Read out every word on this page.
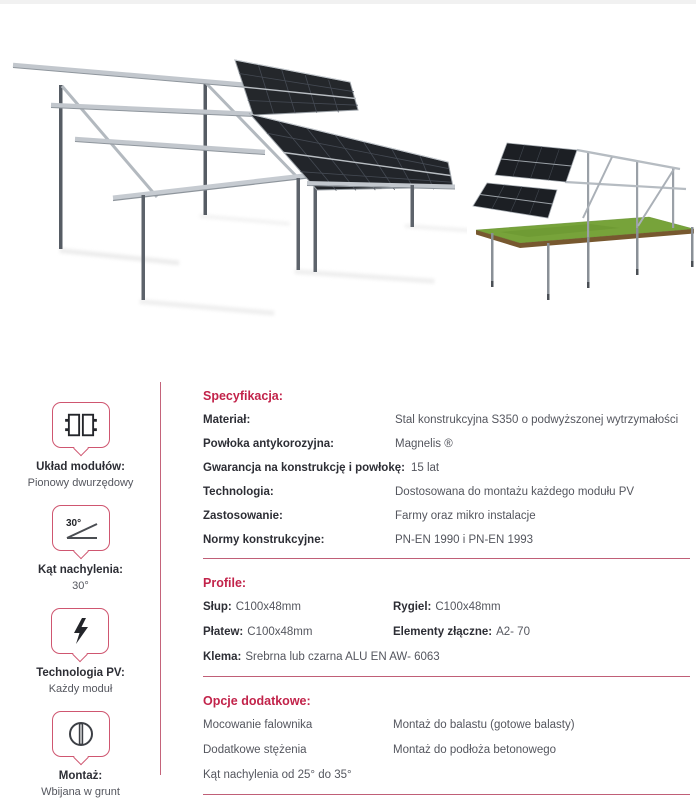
Układ modułów:
Pionowy dwurzędowy
30°
Kąt nachylenia:
30°
Technologia PV:
Każdy moduł
Montaż:
Wbijana w grunt
Specyfikacja:
Materiał:	Stal konstrukcyjna S350 o podwyższonej wytrzymałości
Powłoka antykorozyjna:	Magnelis ®
Gwarancja na konstrukcję i powłokę: 15 lat
Technologia:	Dostosowana do montażu każdego modułu PV
Zastosowanie:	Farmy oraz mikro instalacje
Normy konstrukcyjne:	PN-EN 1990 i PN-EN 1993
Profile:
Słup: C100x48mm	Rygiel: C100x48mm
Płatew: C100x48mm	Elementy złączne: A2- 70
Klema: Srebrna lub czarna ALU EN AW- 6063
Opcje dodatkowe:
Mocowanie falownika	Montaż do balastu (gotowe balasty)
Dodatkowe stężenia	Montaż do podłoża betonowego
Kąt nachylenia od 25° do 35°
